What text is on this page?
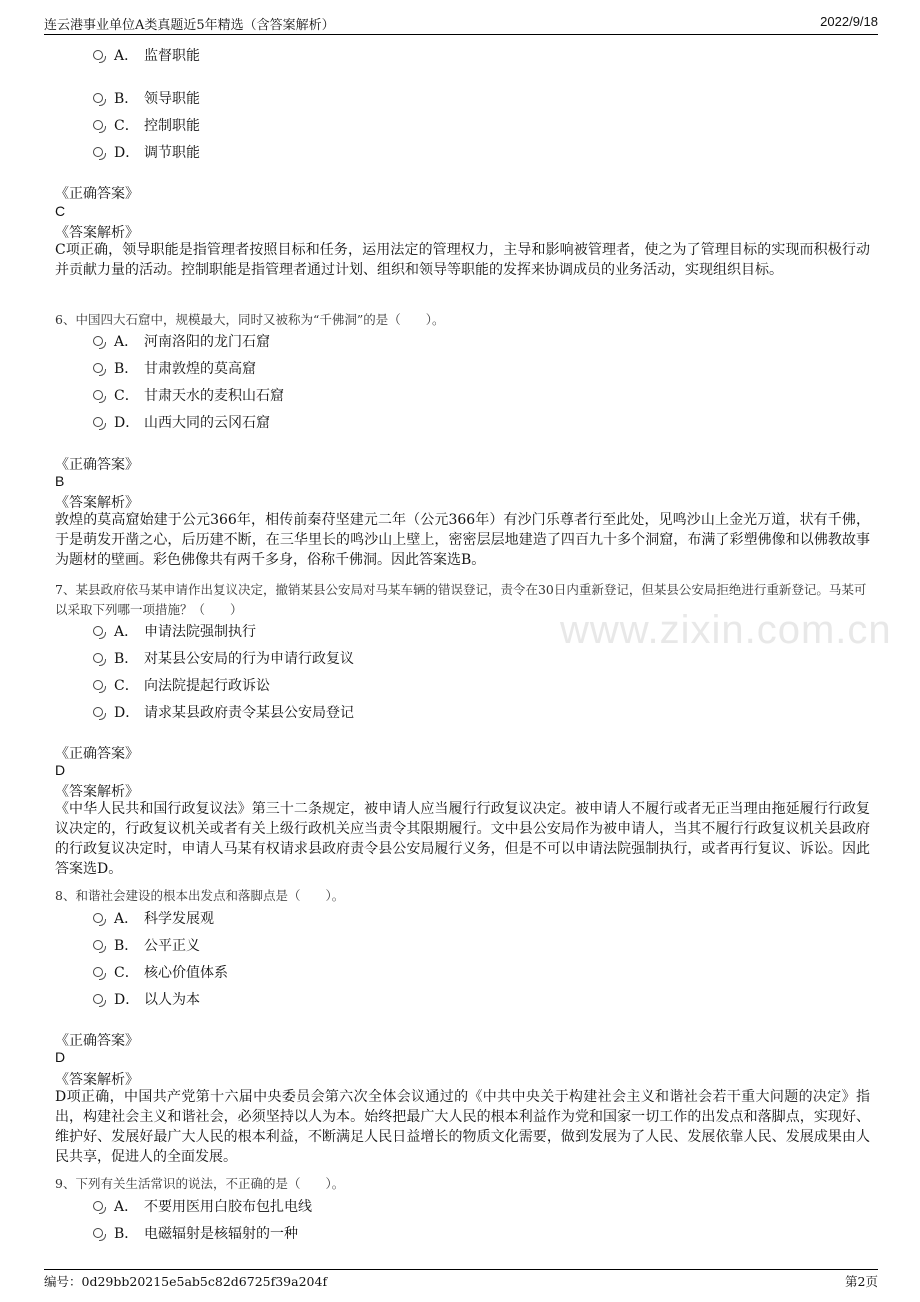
连云港事业单位A类真题近5年精选（含答案解析）	2022/9/18
www.zixin.com.cn
A． 监督职能
B． 领导职能
C． 控制职能
D． 调节职能
《正确答案》
C
《答案解析》
C项正确，领导职能是指管理者按照目标和任务，运用法定的管理权力，主导和影响被管理者，使之为了管理目标的实现而积极行动并贡献力量的活动。控制职能是指管理者通过计划、组织和领导等职能的发挥来协调成员的业务活动，实现组织目标。
6、中国四大石窟中，规模最大，同时又被称为“千佛洞”的是（　　）。
A． 河南洛阳的龙门石窟
B． 甘肃敦煌的莫高窟
C． 甘肃天水的麦积山石窟
D． 山西大同的云冈石窟
《正确答案》
B
《答案解析》
敦煌的莫高窟始建于公元366年，相传前秦苻坚建元二年（公元366年）有沙门乐尊者行至此处，见鸣沙山上金光万道，状有千佛，于是萌发开凿之心，后历建不断，在三华里长的鸣沙山上壁上，密密层层地建造了四百九十多个洞窟，布满了彩塑佛像和以佛教故事为题材的壁画。彩色佛像共有两千多身，俗称千佛洞。因此答案选B。
7、某县政府依马某申请作出复议决定，撤销某县公安局对马某车辆的错误登记，责令在30日内重新登记，但某县公安局拒绝进行重新登记。马某可以采取下列哪一项措施？（　　）
A． 申请法院强制执行
B． 对某县公安局的行为申请行政复议
C． 向法院提起行政诉讼
D． 请求某县政府责令某县公安局登记
《正确答案》
D
《答案解析》
《中华人民共和国行政复议法》第三十二条规定，被申请人应当履行行政复议决定。被申请人不履行或者无正当理由拖延履行行政复议决定的，行政复议机关或者有关上级行政机关应当责令其限期履行。文中县公安局作为被申请人，当其不履行行政复议机关县政府的行政复议决定时，申请人马某有权请求县政府责令县公安局履行义务，但是不可以申请法院强制执行，或者再行复议、诉讼。因此答案选D。
8、和谐社会建设的根本出发点和落脚点是（　　）。
A． 科学发展观
B． 公平正义
C． 核心价值体系
D． 以人为本
《正确答案》
D
《答案解析》
D项正确，中国共产党第十六届中央委员会第六次全体会议通过的《中共中央关于构建社会主义和谐社会若干重大问题的决定》指出，构建社会主义和谐社会，必须坚持以人为本。始终把最广大人民的根本利益作为党和国家一切工作的出发点和落脚点，实现好、维护好、发展好最广大人民的根本利益，不断满足人民日益增长的物质文化需要，做到发展为了人民、发展依靠人民、发展成果由人民共享，促进人的全面发展。
9、下列有关生活常识的说法，不正确的是（　　）。
A． 不要用医用白胶布包扎电线
B． 电磁辐射是核辐射的一种
编号：0d29bb20215e5ab5c82d6725f39a204f	第2页
